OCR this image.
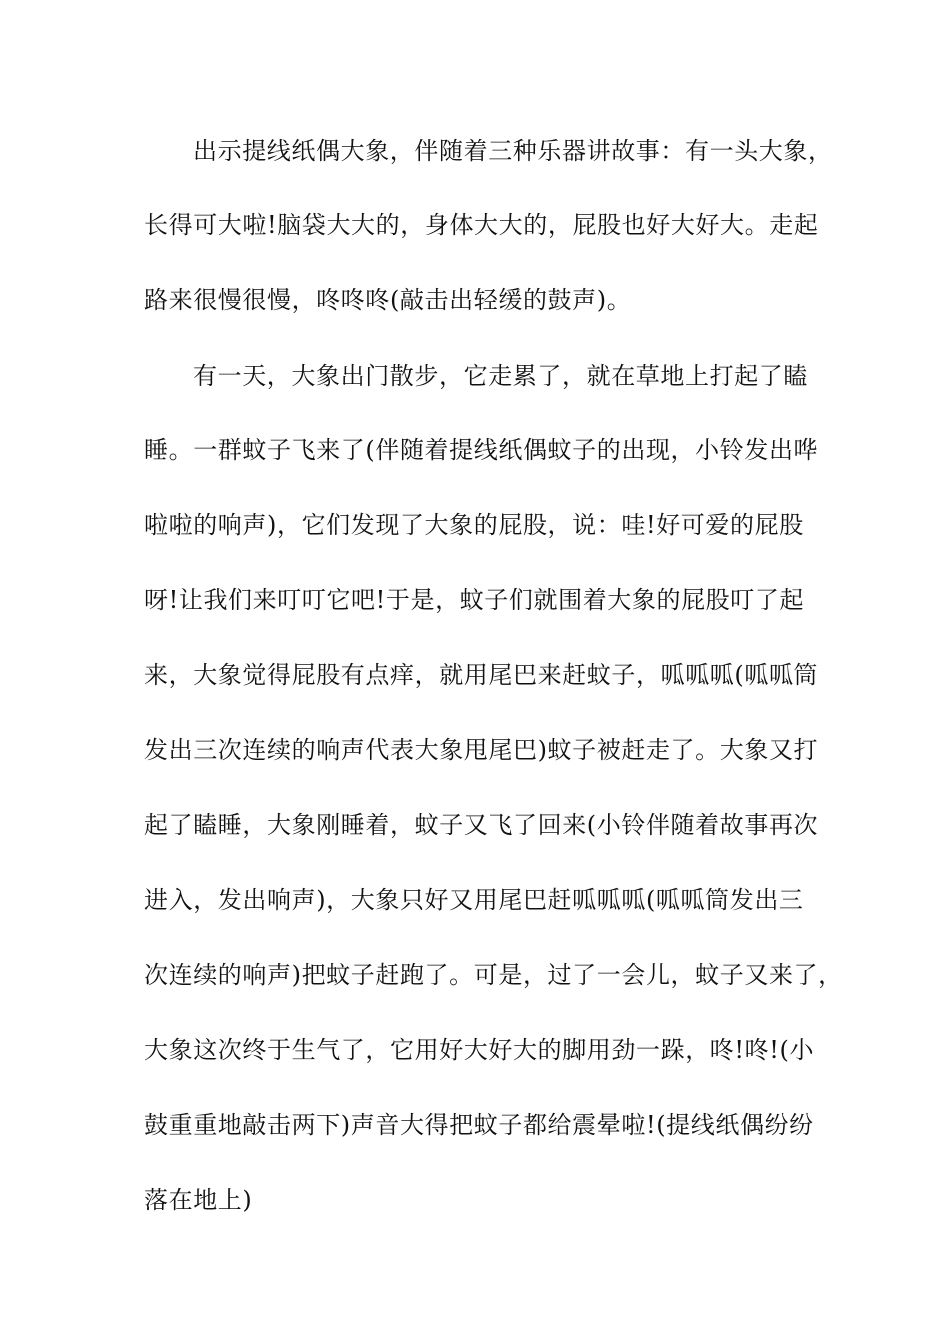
出示提线纸偶大象，伴随着三种乐器讲故事：有一头大象，

长得可大啦!脑袋大大的，身体大大的，屁股也好大好大。走起

路来很慢很慢，咚咚咚(敲击出轻缓的鼓声)。

有一天，大象出门散步，它走累了，就在草地上打起了瞌

睡。一群蚊子飞来了(伴随着提线纸偶蚊子的出现，小铃发出哗

啦啦的响声)，它们发现了大象的屁股，说：哇!好可爱的屁股

呀!让我们来叮叮它吧!于是，蚊子们就围着大象的屁股叮了起

来，大象觉得屁股有点痒，就用尾巴来赶蚊子，呱呱呱(呱呱筒

发出三次连续的响声代表大象甩尾巴)蚊子被赶走了。大象又打

起了瞌睡，大象刚睡着，蚊子又飞了回来(小铃伴随着故事再次

进入，发出响声)，大象只好又用尾巴赶呱呱呱(呱呱筒发出三

次连续的响声)把蚊子赶跑了。可是，过了一会儿，蚊子又来了，

大象这次终于生气了，它用好大好大的脚用劲一跺，咚!咚!(小

鼓重重地敲击两下)声音大得把蚊子都给震晕啦!(提线纸偶纷纷

落在地上)
